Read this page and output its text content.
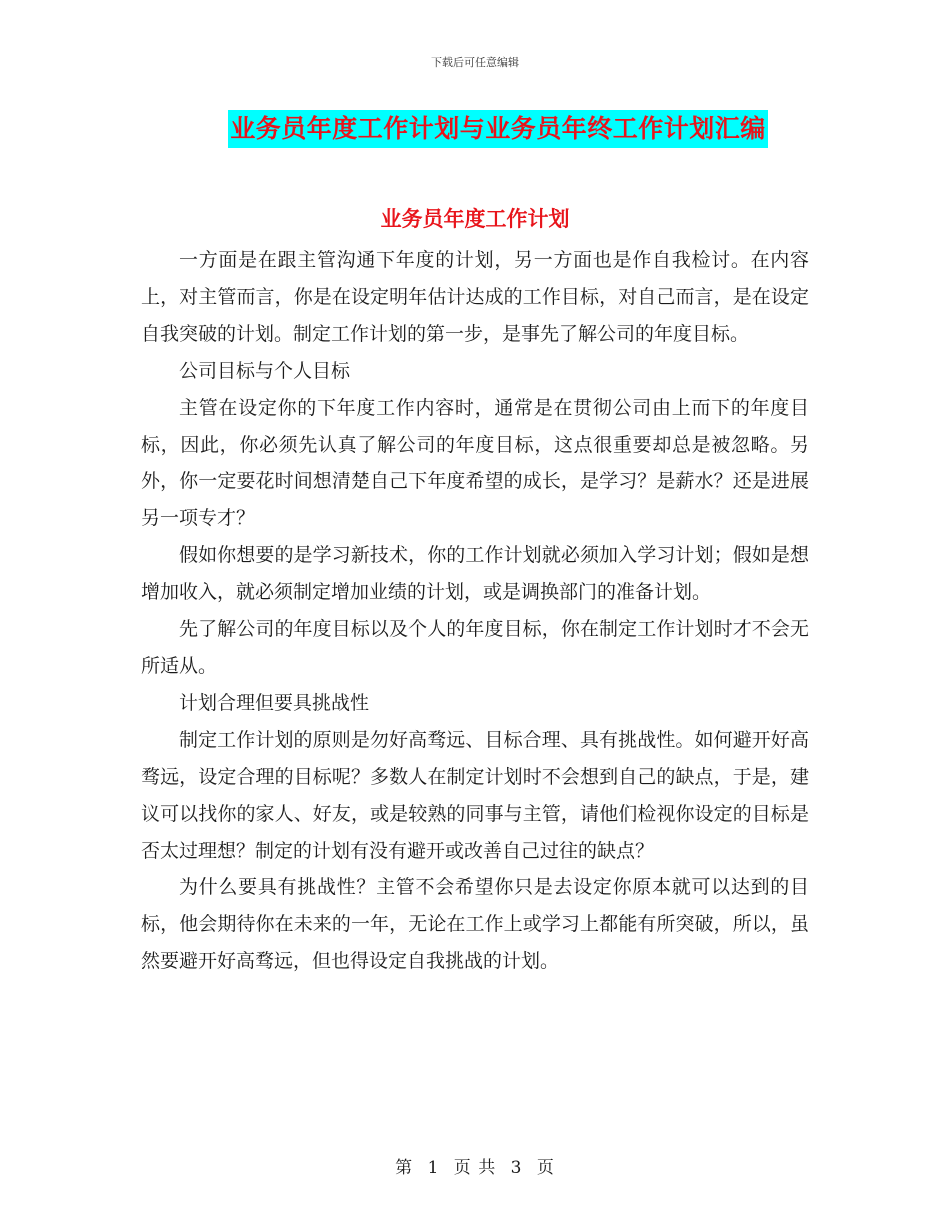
下载后可任意编辑
业务员年度工作计划与业务员年终工作计划汇编
业务员年度工作计划

一方面是在跟主管沟通下年度的计划，另一方面也是作自我检讨。在内容上，对主管而言，你是在设定明年估计达成的工作目标，对自己而言，是在设定自我突破的计划。制定工作计划的第一步，是事先了解公司的年度目标。

公司目标与个人目标

主管在设定你的下年度工作内容时，通常是在贯彻公司由上而下的年度目标，因此，你必须先认真了解公司的年度目标，这点很重要却总是被忽略。另外，你一定要花时间想清楚自己下年度希望的成长，是学习？是薪水？还是进展另一项专才？

假如你想要的是学习新技术，你的工作计划就必须加入学习计划；假如是想增加收入，就必须制定增加业绩的计划，或是调换部门的准备计划。

先了解公司的年度目标以及个人的年度目标，你在制定工作计划时才不会无所适从。

计划合理但要具挑战性

制定工作计划的原则是勿好高骛远、目标合理、具有挑战性。如何避开好高骛远，设定合理的目标呢？多数人在制定计划时不会想到自己的缺点，于是，建议可以找你的家人、好友，或是较熟的同事与主管，请他们检视你设定的目标是否太过理想？制定的计划有没有避开或改善自己过往的缺点？

为什么要具有挑战性？主管不会希望你只是去设定你原本就可以达到的目标，他会期待你在未来的一年，无论在工作上或学习上都能有所突破，所以，虽然要避开好高骛远，但也得设定自我挑战的计划。

第 1 页 共 3 页
